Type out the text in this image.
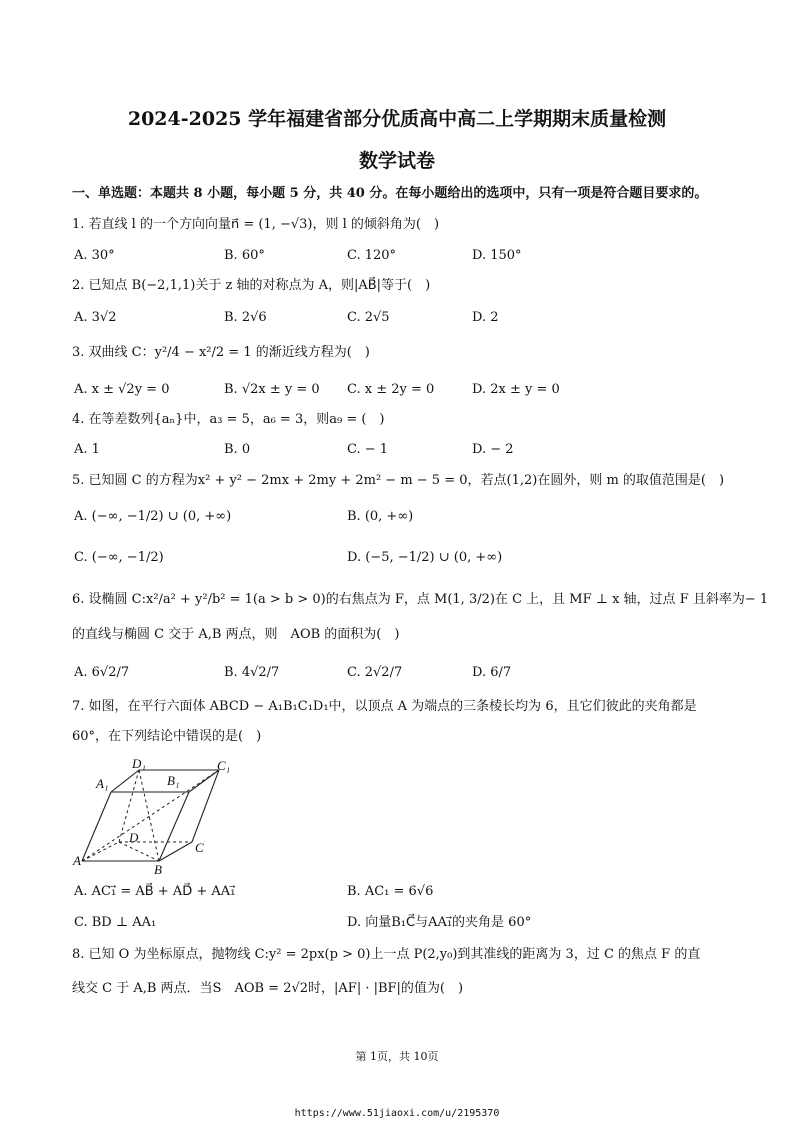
2024-2025 学年福建省部分优质高中高二上学期期末质量检测
数学试卷
一、单选题：本题共 8 小题，每小题 5 分，共 40 分。在每小题给出的选项中，只有一项是符合题目要求的。
1. 若直线 l 的一个方向向量n⃗ = (1, −√3)，则 l 的倾斜角为(　)
A. 30°	B. 60°	C. 120°	D. 150°
2. 已知点 B(−2,1,1)关于 z 轴的对称点为 A，则|AB⃗|等于(　)
A. 3√2	B. 2√6	C. 2√5	D. 2
3. 双曲线 C：y²/4 − x²/2 = 1 的渐近线方程为(　)
A. x ± √2y = 0	B. √2x ± y = 0 C. x ± 2y = 0	D. 2x ± y = 0
4. 在等差数列{aₙ}中，a₃ = 5，a₆ = 3，则a₉ = (　)
A. 1	B. 0	C. − 1	D. − 2
5. 已知圆 C 的方程为x² + y² − 2mx + 2my + 2m² − m − 5 = 0，若点(1,2)在圆外，则 m 的取值范围是(　)
A. (−∞, −1/2) ∪ (0, +∞)	B. (0, +∞)
C. (−∞, −1/2)	D. (−5, −1/2) ∪ (0, +∞)
6. 设椭圆 C:x²/a² + y²/b² = 1(a > b > 0)的右焦点为 F，点 M(1, 3/2)在 C 上，且 MF ⊥ x 轴，过点 F 且斜率为− 1
的直线与椭圆 C 交于 A,B 两点，则　AOB 的面积为(　)
A. 6√2/7	B. 4√2/7	C. 2√2/7	D. 6/7
7. 如图，在平行六面体 ABCD − A₁B₁C₁D₁中，以顶点 A 为端点的三条棱长均为 6，且它们彼此的夹角都是
60°，在下列结论中错误的是(　)
A₁
D₁
B₁
C₁
A
B
C
D
A. AC₁⃗ = AB⃗ + AD⃗ + AA₁⃗	B. AC₁ = 6√6
C. BD ⊥ AA₁	D. 向量B₁C⃗与AA₁⃗的夹角是 60°
8. 已知 O 为坐标原点，抛物线 C:y² = 2px(p > 0)上一点 P(2,y₀)到其准线的距离为 3，过 C 的焦点 F 的直
线交 C 于 A,B 两点．当S　AOB = 2√2时，|AF| · |BF|的值为(　)
第 1页，共 10页
https://www.51jiaoxi.com/u/2195370
